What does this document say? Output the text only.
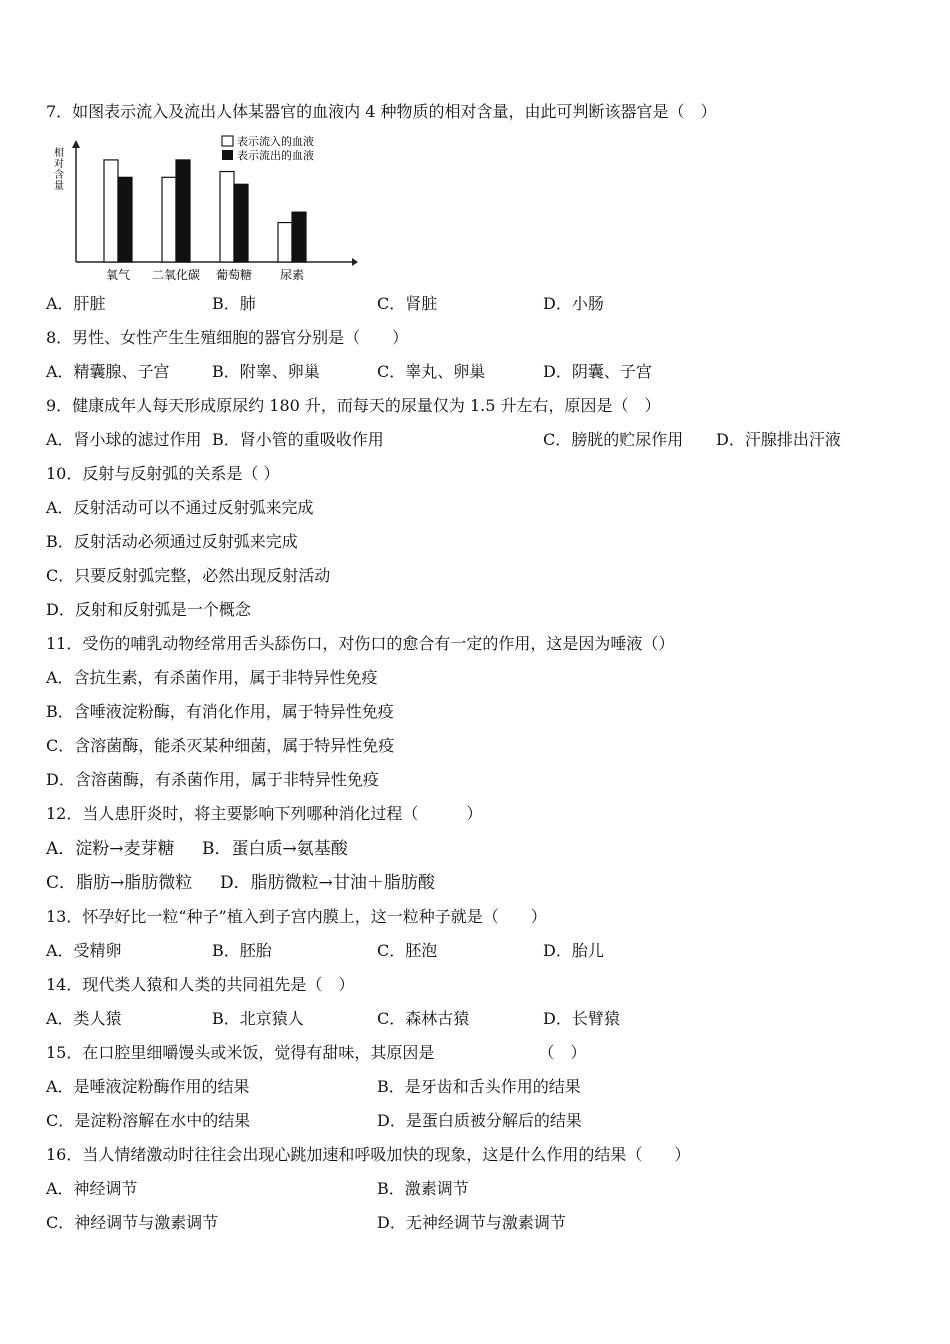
7．如图表示流入及流出人体某器官的血液内 4 种物质的相对含量，由此可判断该器官是（　）
相对含量
表示流入的血液
表示流出的血液
氧气 二氧化碳 葡萄糖 尿素
A．肝脏	B．肺	C．肾脏	D．小肠
8．男性、女性产生生殖细胞的器官分别是（　　）
A．精囊腺、子宫	B．附睾、卵巢	C．睾丸、卵巢	D．阴囊、子宫
9．健康成年人每天形成原尿约 180 升，而每天的尿量仅为 1.5 升左右，原因是（　）
A．肾小球的滤过作用 B．肾小管的重吸收作用	C．膀胱的贮尿作用 D．汗腺排出汗液
10．反射与反射弧的关系是（ ）
A．反射活动可以不通过反射弧来完成
B．反射活动必须通过反射弧来完成
C．只要反射弧完整，必然出现反射活动
D．反射和反射弧是一个概念
11．受伤的哺乳动物经常用舌头舔伤口，对伤口的愈合有一定的作用，这是因为唾液（）
A．含抗生素，有杀菌作用，属于非特异性免疫
B．含唾液淀粉酶，有消化作用，属于特异性免疫
C．含溶菌酶，能杀灭某种细菌，属于特异性免疫
D．含溶菌酶，有杀菌作用，属于非特异性免疫
12．当人患肝炎时，将主要影响下列哪种消化过程（　　　）
A．淀粉→麦芽糖 B．蛋白质→氨基酸
C．脂肪→脂肪微粒 D．脂肪微粒→甘油＋脂肪酸
13．怀孕好比一粒“种子”植入到子宫内膜上，这一粒种子就是（　　）
A．受精卵	B．胚胎	C．胚泡	D．胎儿
14．现代类人猿和人类的共同祖先是（　）
A．类人猿	B．北京猿人	C．森林古猿	D．长臂猿
15．在口腔里细嚼馒头或米饭，觉得有甜味，其原因是　　　　　　　（　）
A．是唾液淀粉酶作用的结果	B．是牙齿和舌头作用的结果
C．是淀粉溶解在水中的结果	D．是蛋白质被分解后的结果
16．当人情绪激动时往往会出现心跳加速和呼吸加快的现象，这是什么作用的结果（　　）
A．神经调节	B．激素调节
C．神经调节与激素调节	D．无神经调节与激素调节
